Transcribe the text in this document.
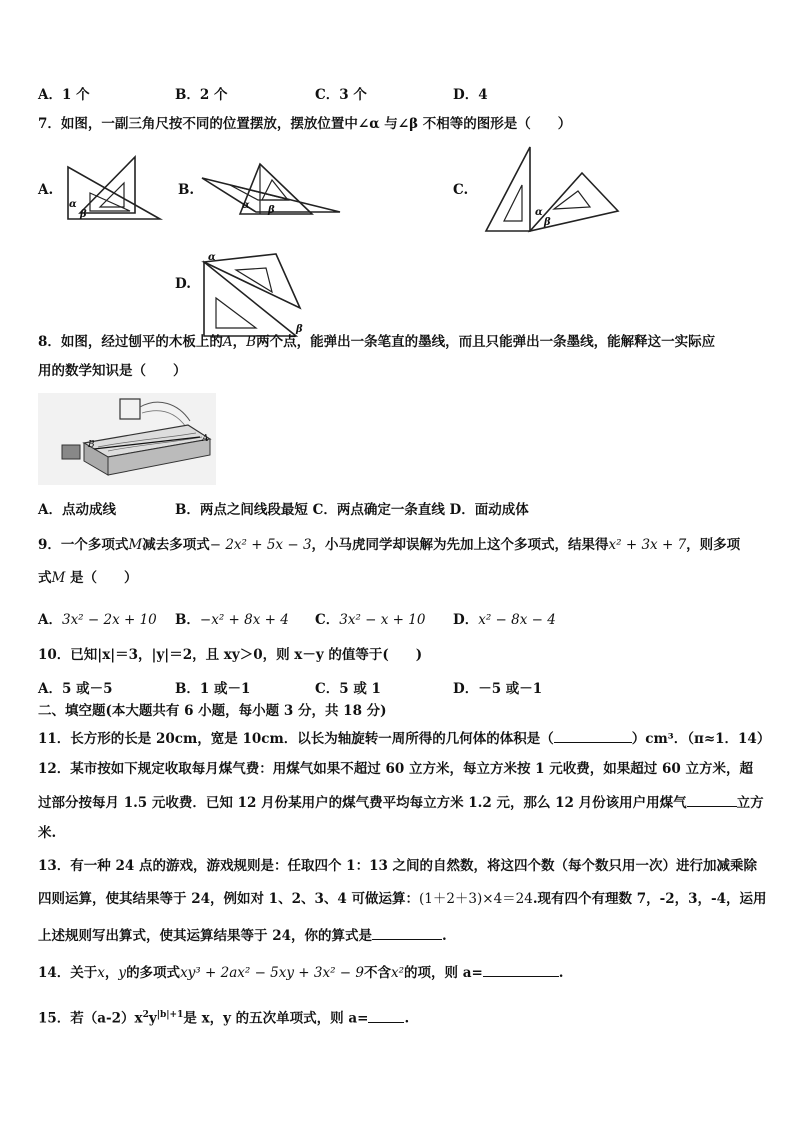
A．1 个	B．2 个	C．3 个	D．4
7．如图，一副三角尺按不同的位置摆放，摆放位置中∠α 与∠β 不相等的图形是（　　）
A.
α
β
B.
α β
C.
α
β
D.
α
β
8．如图，经过刨平的木板上的A，B两个点，能弹出一条笔直的墨线，而且只能弹出一条墨线，能解释这一实际应
用的数学知识是（　　）
B
A
A．点动成线	B．两点之间线段最短 C．两点确定一条直线 D．面动成体
9．一个多项式M减去多项式− 2x² + 5x − 3，小马虎同学却误解为先加上这个多项式，结果得x² + 3x + 7，则多项
式M 是（　　）
A．3x² − 2x + 10 B．−x² + 8x + 4 C．3x² − x + 10 D．x² − 8x − 4
10．已知|x|＝3，|y|＝2，且 xy＞0，则 x－y 的值等于(　　)
A．5 或－5	B．1 或－1	C．5 或 1	D．－5 或－1
二、填空题(本大题共有 6 小题，每小题 3 分，共 18 分)
11．长方形的长是 20cm，宽是 10cm．以长为轴旋转一周所得的几何体的体积是（	）cm³．（π≈1．14）
12．某市按如下规定收取每月煤气费：用煤气如果不超过 60 立方米，每立方米按 1 元收费，如果超过 60 立方米，超
过部分按每月 1.5 元收费．已知 12 月份某用户的煤气费平均每立方米 1.2 元，那么 12 月份该用户用煤气	立方
米.
13．有一种 24 点的游戏，游戏规则是：任取四个 1：13 之间的自然数，将这四个数（每个数只用一次）进行加减乘除
四则运算，使其结果等于 24，例如对 1、2、3、4 可做运算：(1＋2＋3)×4＝24.现有四个有理数 7，-2，3，-4，运用
上述规则写出算式，使其运算结果等于 24，你的算式是	.
14．关于x，y的多项式xy³ + 2ax² − 5xy + 3x² − 9不含x²的项，则 a=	.
15．若$(a-2)x^2y^{|b|+1}$是 x，y 的五次单项式，则 a=	.
